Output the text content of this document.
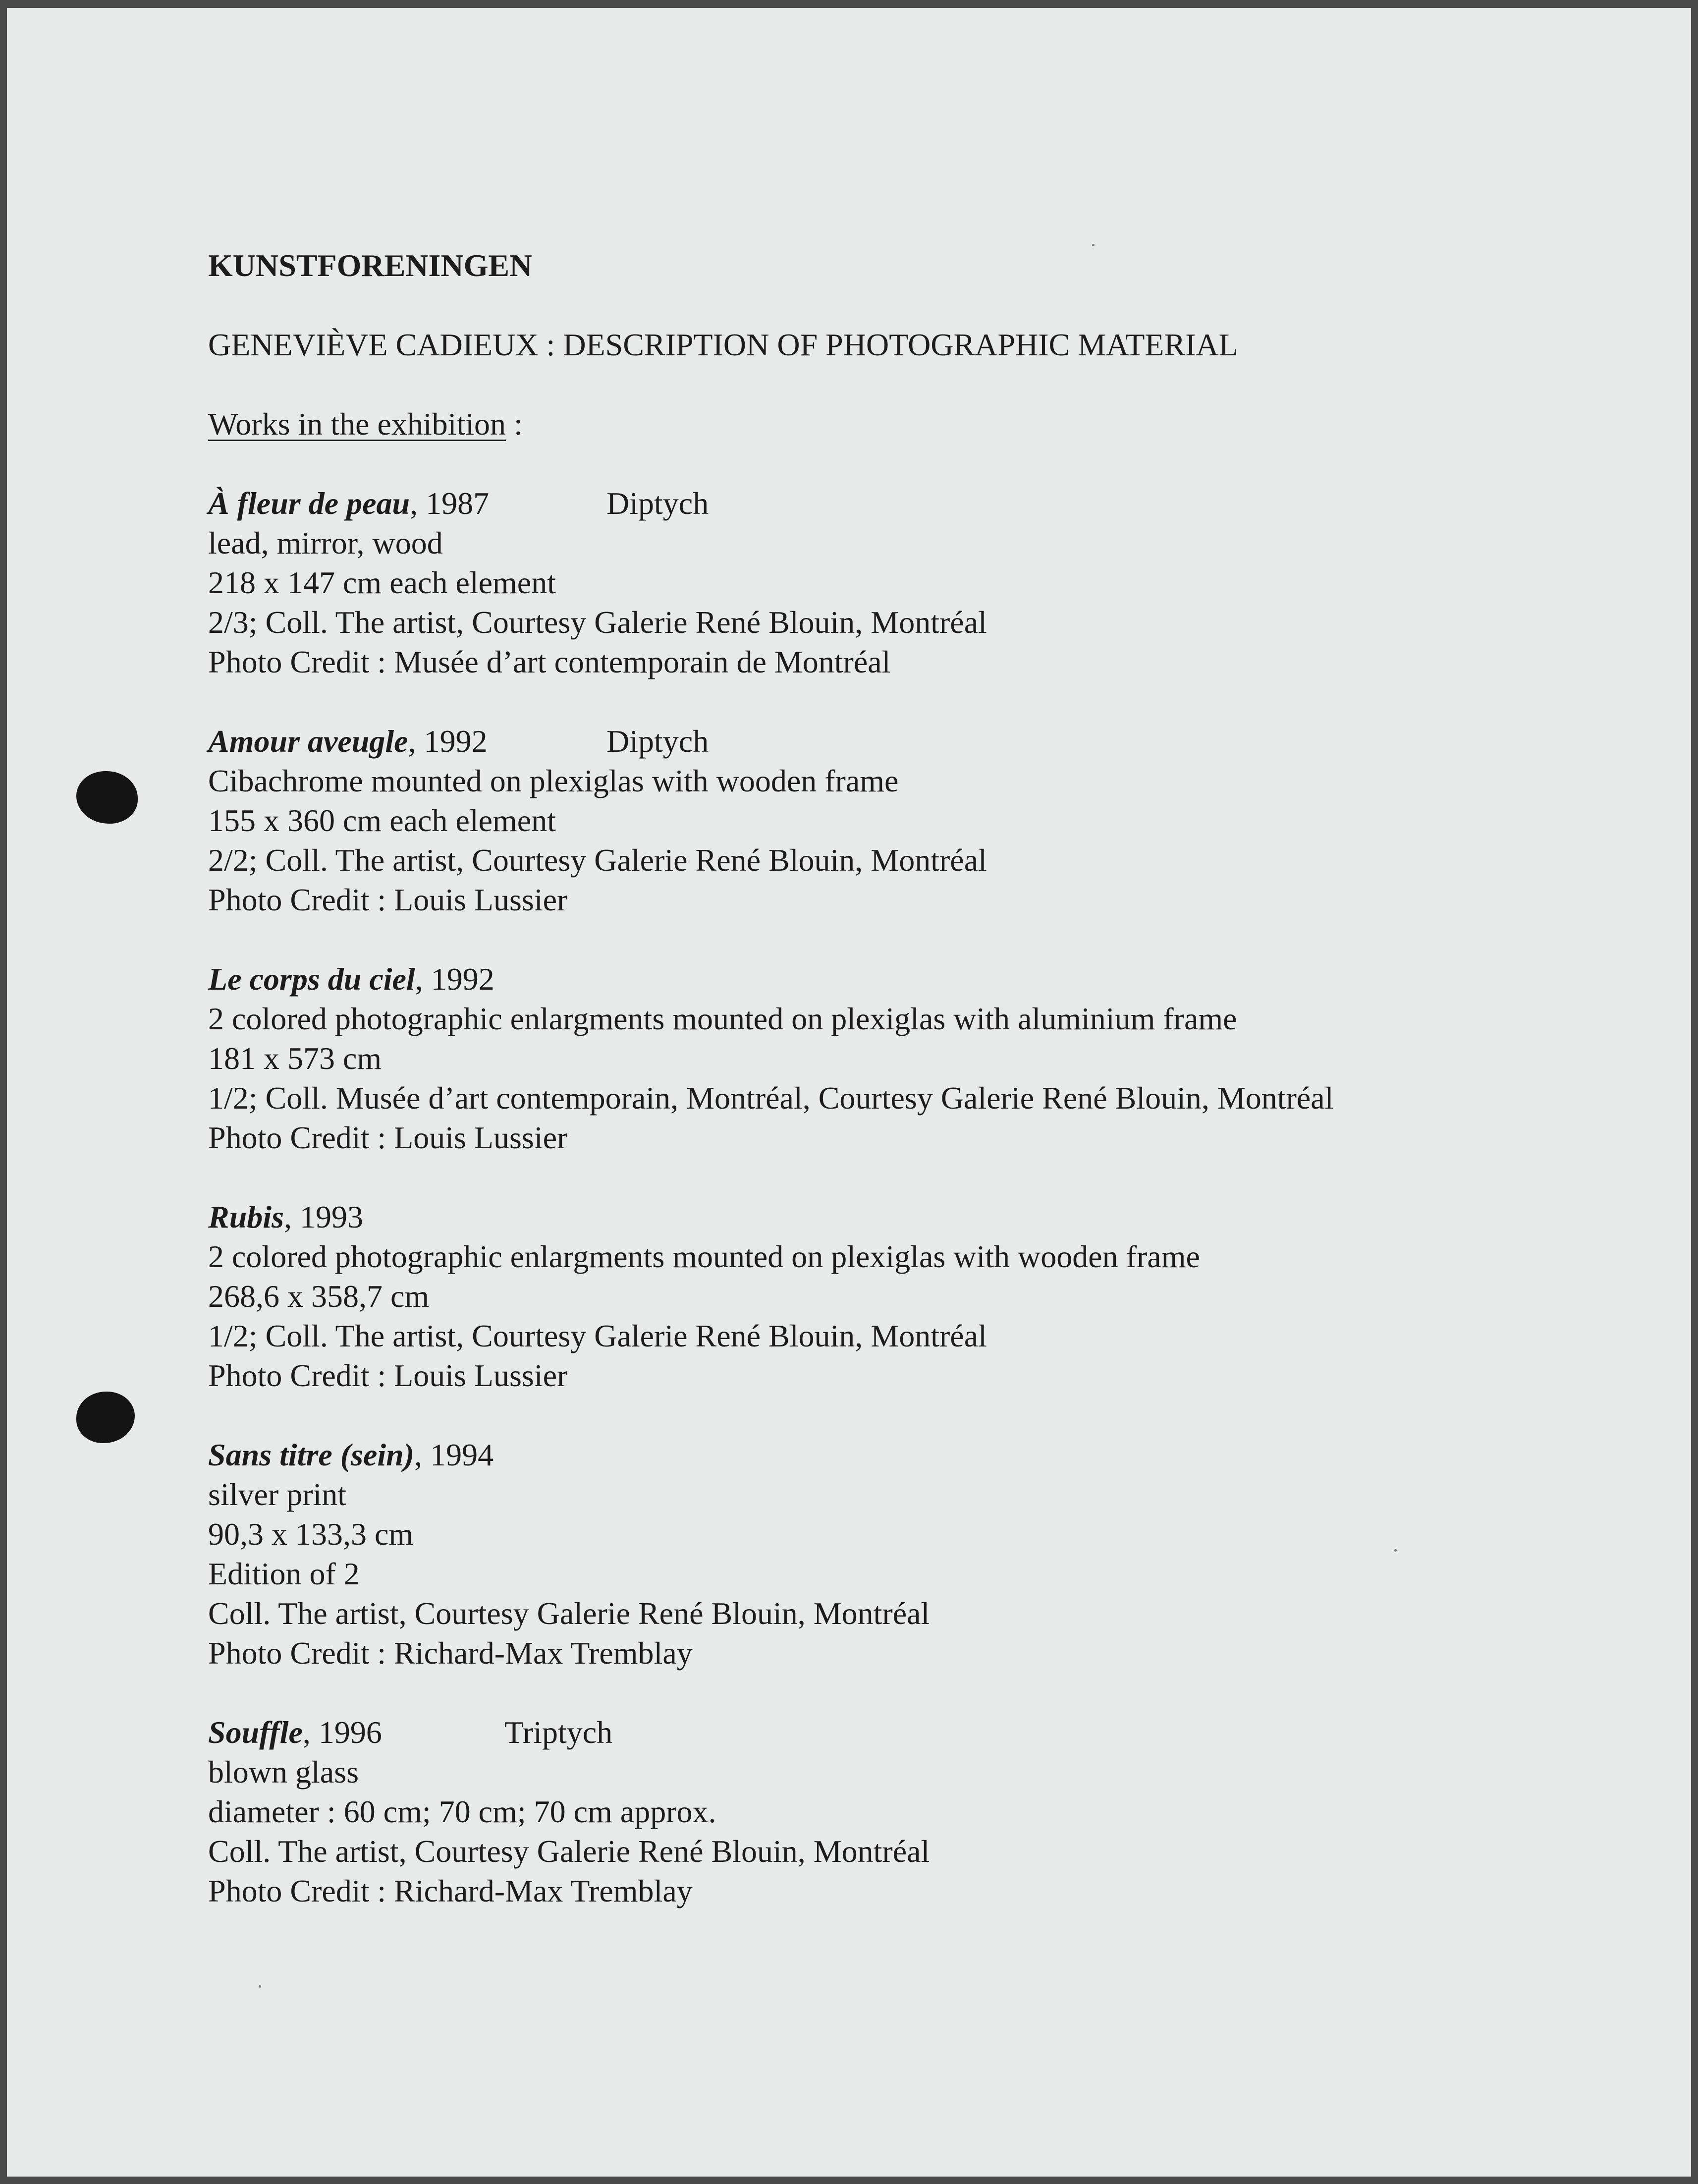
KUNSTFORENINGEN
GENEVIÈVE CADIEUX : DESCRIPTION OF PHOTOGRAPHIC MATERIAL
Works in the exhibition :
À fleur de peau, 1987	Diptych
lead, mirror, wood
218 x 147 cm each element
2/3; Coll. The artist, Courtesy Galerie René Blouin, Montréal
Photo Credit : Musée d’art contemporain de Montréal
Amour aveugle, 1992	Diptych
Cibachrome mounted on plexiglas with wooden frame
155 x 360 cm each element
2/2; Coll. The artist, Courtesy Galerie René Blouin, Montréal
Photo Credit : Louis Lussier
Le corps du ciel, 1992
2 colored photographic enlargments mounted on plexiglas with aluminium frame
181 x 573 cm
1/2; Coll. Musée d’art contemporain, Montréal, Courtesy Galerie René Blouin, Montréal
Photo Credit : Louis Lussier
Rubis, 1993
2 colored photographic enlargments mounted on plexiglas with wooden frame
268,6 x 358,7 cm
1/2; Coll. The artist, Courtesy Galerie René Blouin, Montréal
Photo Credit : Louis Lussier
Sans titre (sein), 1994
silver print
90,3 x 133,3 cm
Edition of 2
Coll. The artist, Courtesy Galerie René Blouin, Montréal
Photo Credit : Richard-Max Tremblay
Souffle, 1996	Triptych
blown glass
diameter : 60 cm; 70 cm; 70 cm approx.
Coll. The artist, Courtesy Galerie René Blouin, Montréal
Photo Credit : Richard-Max Tremblay
